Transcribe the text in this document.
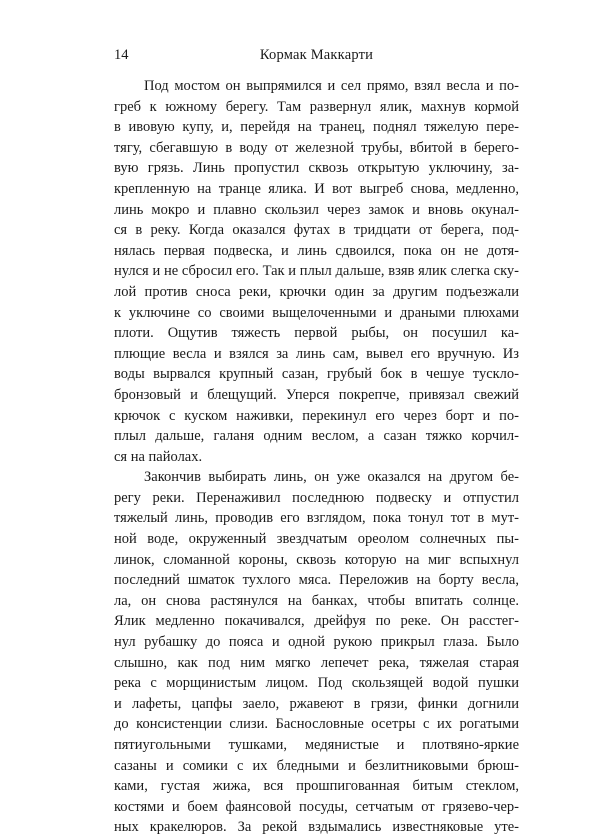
14	Кормак Маккарти
Под мостом он выпрямился и сел прямо, взял весла и по-
греб к южному берегу. Там развернул ялик, махнув кормой
в ивовую купу, и, перейдя на транец, поднял тяжелую пере-
тягу, сбегавшую в воду от железной трубы, вбитой в берего-
вую грязь. Линь пропустил сквозь открытую уключину, за-
крепленную на транце ялика. И вот выгреб снова, медленно,
линь мокро и плавно скользил через замок и вновь окунал-
ся в реку. Когда оказался футах в тридцати от берега, под-
нялась первая подвеска, и линь сдвоился, пока он не дотя-
нулся и не сбросил его. Так и плыл дальше, взяв ялик слегка ску-
лой против сноса реки, крючки один за другим подъезжали
к уключине со своими выщелоченными и драными плюхами
плоти. Ощутив тяжесть первой рыбы, он посушил ка-
плющие весла и взялся за линь сам, вывел его вручную. Из
воды вырвался крупный сазан, грубый бок в чешуе тускло-
бронзовый и блещущий. Уперся покрепче, привязал свежий
крючок с куском наживки, перекинул его через борт и по-
плыл дальше, галаня одним веслом, а сазан тяжко корчил-
ся на пайолах.
Закончив выбирать линь, он уже оказался на другом бе-
регу реки. Перенаживил последнюю подвеску и отпустил
тяжелый линь, проводив его взглядом, пока тонул тот в мут-
ной воде, окруженный звездчатым ореолом солнечных пы-
линок, сломанной короны, сквозь которую на миг вспыхнул
последний шматок тухлого мяса. Переложив на борту весла,
ла, он снова растянулся на банках, чтобы впитать солнце.
Ялик медленно покачивался, дрейфуя по реке. Он расстег-
нул рубашку до пояса и одной рукою прикрыл глаза. Было
слышно, как под ним мягко лепечет река, тяжелая старая
река с морщинистым лицом. Под скользящей водой пушки
и лафеты, цапфы заело, ржавеют в грязи, финки догнили
до консистенции слизи. Баснословные осетры с их рогатыми
пятиугольными тушками, медянистые и плотвяно-яркие
сазаны и сомики с их бледными и безлитниковыми брюш-
ками, густая жижа, вся прошпигованная битым стеклом,
костями и боем фаянсовой посуды, сетчатым от грязево-чер-
ных кракелюров. За рекой вздымались известняковые уте-
